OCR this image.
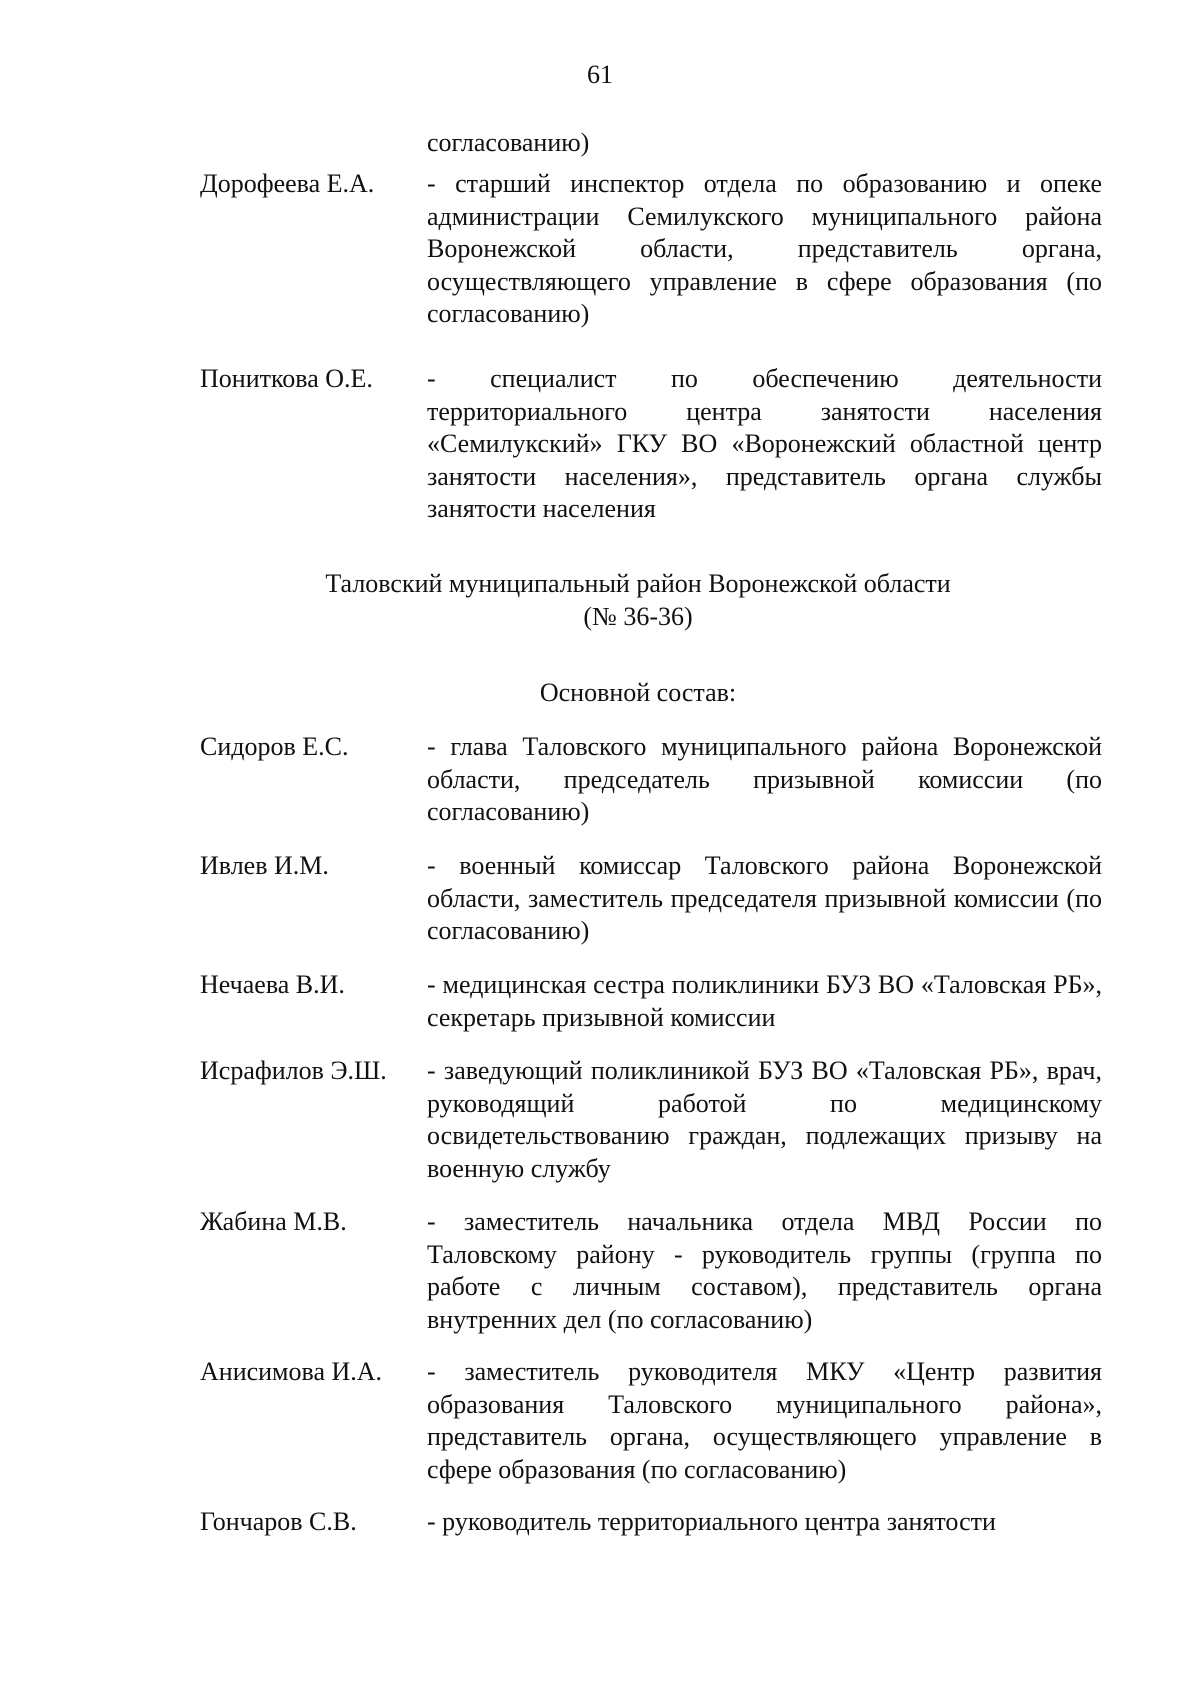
61
согласованию)
Дорофеева Е.А. - старший инспектор отдела по образованию и опеке администрации Семилукского муниципального района Воронежской области, представитель органа, осуществляющего управление в сфере образования (по согласованию)
Пониткова О.Е. - специалист по обеспечению деятельности территориального центра занятости населения «Семилукский» ГКУ ВО «Воронежский областной центр занятости населения», представитель органа службы занятости населения
Таловский муниципальный район Воронежской области
(№ 36-36)
Основной состав:
Сидоров Е.С.	- глава Таловского муниципального района Воронежской области, председатель призывной комиссии (по согласованию)
Ивлев И.М.	- военный комиссар Таловского района Воронежской области, заместитель председателя призывной комиссии (по согласованию)
Нечаева В.И.	- медицинская сестра поликлиники БУЗ ВО «Таловская РБ», секретарь призывной комиссии
Исрафилов Э.Ш. - заведующий поликлиникой БУЗ ВО «Таловская РБ», врач, руководящий работой по медицинскому освидетельствованию граждан, подлежащих призыву на военную службу
Жабина М.В.	- заместитель начальника отдела МВД России по Таловскому району - руководитель группы (группа по работе с личным составом), представитель органа внутренних дел (по согласованию)
Анисимова И.А. - заместитель руководителя МКУ «Центр развития образования Таловского муниципального района», представитель органа, осуществляющего управление в сфере образования (по согласованию)
Гончаров С.В.	- руководитель территориального центра занятости
